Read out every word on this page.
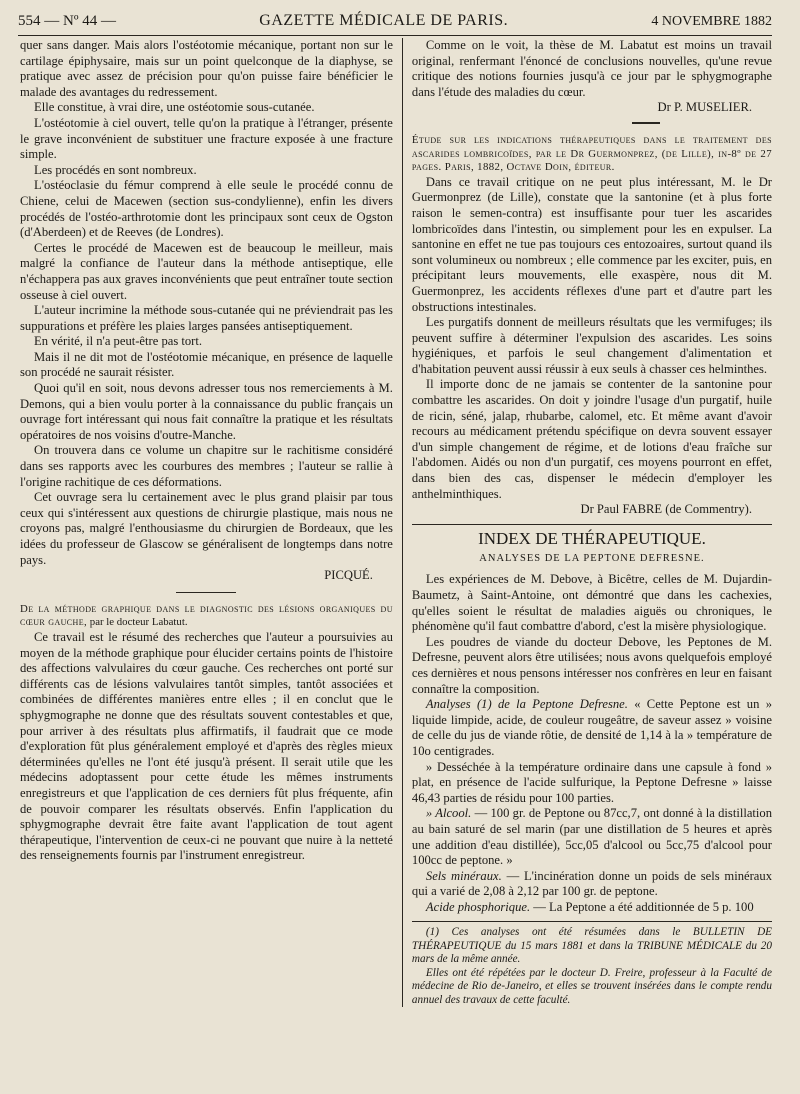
554 — Nº 44 —	GAZETTE MÉDICALE DE PARIS.	4 NOVEMBRE 1882

quer sans danger. Mais alors l'ostéotomie mécanique, portant non sur le cartilage épiphysaire, mais sur un point quelconque de la diaphyse, se pratique avec assez de précision pour qu'on puisse faire bénéficier le malade des avantages du redressement.

Elle constitue, à vrai dire, une ostéotomie sous-cutanée.

L'ostéotomie à ciel ouvert, telle qu'on la pratique à l'étranger, présente le grave inconvénient de substituer une fracture exposée à une fracture simple.

Les procédés en sont nombreux.

L'ostéoclasie du fémur comprend à elle seule le procédé connu de Chiene, celui de Macewen (section sus-condylienne), enfin les divers procédés de l'ostéo-arthrotomie dont les principaux sont ceux de Ogston (d'Aberdeen) et de Reeves (de Londres).

Certes le procédé de Macewen est de beaucoup le meilleur, mais malgré la confiance de l'auteur dans la méthode antiseptique, elle n'échappera pas aux graves inconvénients que peut entraîner toute section osseuse à ciel ouvert.

L'auteur incrimine la méthode sous-cutanée qui ne préviendrait pas les suppurations et préfère les plaies larges pansées antiseptiquement.

En vérité, il n'a peut-être pas tort.

Mais il ne dit mot de l'ostéotomie mécanique, en présence de laquelle son procédé ne saurait résister.

Quoi qu'il en soit, nous devons adresser tous nos remerciements à M. Demons, qui a bien voulu porter à la connaissance du public français un ouvrage fort intéressant qui nous fait connaître la pratique et les résultats opératoires de nos voisins d'outre-Manche.

On trouvera dans ce volume un chapitre sur le rachitisme considéré dans ses rapports avec les courbures des membres ; l'auteur se rallie à l'origine rachitique de ces déformations.

Cet ouvrage sera lu certainement avec le plus grand plaisir par tous ceux qui s'intéressent aux questions de chirurgie plastique, mais nous ne croyons pas, malgré l'enthousiasme du chirurgien de Bordeaux, que les idées du professeur de Glascow se généralisent de longtemps dans notre pays.

PICQUÉ.

De la méthode graphique dans le diagnostic des lésions organiques du cœur gauche, par le docteur Labatut.

Ce travail est le résumé des recherches que l'auteur a poursuivies au moyen de la méthode graphique pour élucider certains points de l'histoire des affections valvulaires du cœur gauche. Ces recherches ont porté sur différents cas de lésions valvulaires tantôt simples, tantôt associées et combinées de différentes manières entre elles ; il en conclut que le sphygmographe ne donne que des résultats souvent contestables et que, pour arriver à des résultats plus affirmatifs, il faudrait que ce mode d'exploration fût plus généralement employé et d'après des règles mieux déterminées qu'elles ne l'ont été jusqu'à présent. Il serait utile que les médecins adoptassent pour cette étude les mêmes instruments enregistreurs et que l'application de ces derniers fût plus fréquente, afin de pouvoir comparer les résultats observés. Enfin l'application du sphygmographe devrait être faite avant l'application de tout agent thérapeutique, l'intervention de ceux-ci ne pouvant que nuire à la netteté des renseignements fournis par l'instrument enregistreur.

Comme on le voit, la thèse de M. Labatut est moins un travail original, renfermant l'énoncé de conclusions nouvelles, qu'une revue critique des notions fournies jusqu'à ce jour par le sphygmographe dans l'étude des maladies du cœur.

Dr P. MUSELIER.

Étude sur les indications thérapeutiques dans le traitement des ascarides lombricoïdes, par le Dr Guermonprez, (de Lille), in-8º de 27 pages. Paris, 1882, Octave Doin, éditeur.

Dans ce travail critique on ne peut plus intéressant, M. le Dr Guermonprez (de Lille), constate que la santonine (et à plus forte raison le semen-contra) est insuffisante pour tuer les ascarides lombricoïdes dans l'intestin, ou simplement pour les en expulser. La santonine en effet ne tue pas toujours ces entozoaires, surtout quand ils sont volumineux ou nombreux ; elle commence par les exciter, puis, en précipitant leurs mouvements, elle exaspère, nous dit M. Guermonprez, les accidents réflexes d'une part et d'autre part les obstructions intestinales.

Les purgatifs donnent de meilleurs résultats que les vermifuges; ils peuvent suffire à déterminer l'expulsion des ascarides. Les soins hygiéniques, et parfois le seul changement d'alimentation et d'habitation peuvent aussi réussir à eux seuls à chasser ces helminthes.

Il importe donc de ne jamais se contenter de la santonine pour combattre les ascarides. On doit y joindre l'usage d'un purgatif, huile de ricin, séné, jalap, rhubarbe, calomel, etc. Et même avant d'avoir recours au médicament prétendu spécifique on devra souvent essayer d'un simple changement de régime, et de lotions d'eau fraîche sur l'abdomen. Aidés ou non d'un purgatif, ces moyens pourront en effet, dans bien des cas, dispenser le médecin d'employer les anthelminthiques.

Dr Paul FABRE (de Commentry).

INDEX DE THÉRAPEUTIQUE.
ANALYSES DE LA PEPTONE DEFRESNE.

Les expériences de M. Debove, à Bicêtre, celles de M. Dujardin-Baumetz, à Saint-Antoine, ont démontré que dans les cachexies, qu'elles soient le résultat de maladies aiguës ou chroniques, le phénomène qu'il faut combattre d'abord, c'est la misère physiologique.

Les poudres de viande du docteur Debove, les Peptones de M. Defresne, peuvent alors être utilisées; nous avons quelquefois employé ces dernières et nous pensons intéresser nos confrères en leur en faisant connaître la composition.

Analyses (1) de la Peptone Defresne. « Cette Peptone est un » liquide limpide, acide, de couleur rougeâtre, de saveur assez » voisine de celle du jus de viande rôtie, de densité de 1,14 à la » température de 10o centigrades.

» Desséchée à la température ordinaire dans une capsule à fond » plat, en présence de l'acide sulfurique, la Peptone Defresne » laisse 46,43 parties de résidu pour 100 parties.

» Alcool. — 100 gr. de Peptone ou 87cc,7, ont donné à la distillation au bain saturé de sel marin (par une distillation de 5 heures et après une addition d'eau distillée), 5cc,05 d'alcool ou 5cc,75 d'alcool pour 100cc de peptone. »

Sels minéraux. — L'incinération donne un poids de sels minéraux qui a varié de 2,08 à 2,12 par 100 gr. de peptone.

Acide phosphorique. — La Peptone a été additionnée de 5 p. 100

(1) Ces analyses ont été résumées dans le BULLETIN DE THÉRAPEUTIQUE du 15 mars 1881 et dans la TRIBUNE MÉDICALE du 20 mars de la même année.

Elles ont été répétées par le docteur D. Freire, professeur à la Faculté de médecine de Rio de-Janeiro, et elles se trouvent insérées dans le compte rendu annuel des travaux de cette faculté.
